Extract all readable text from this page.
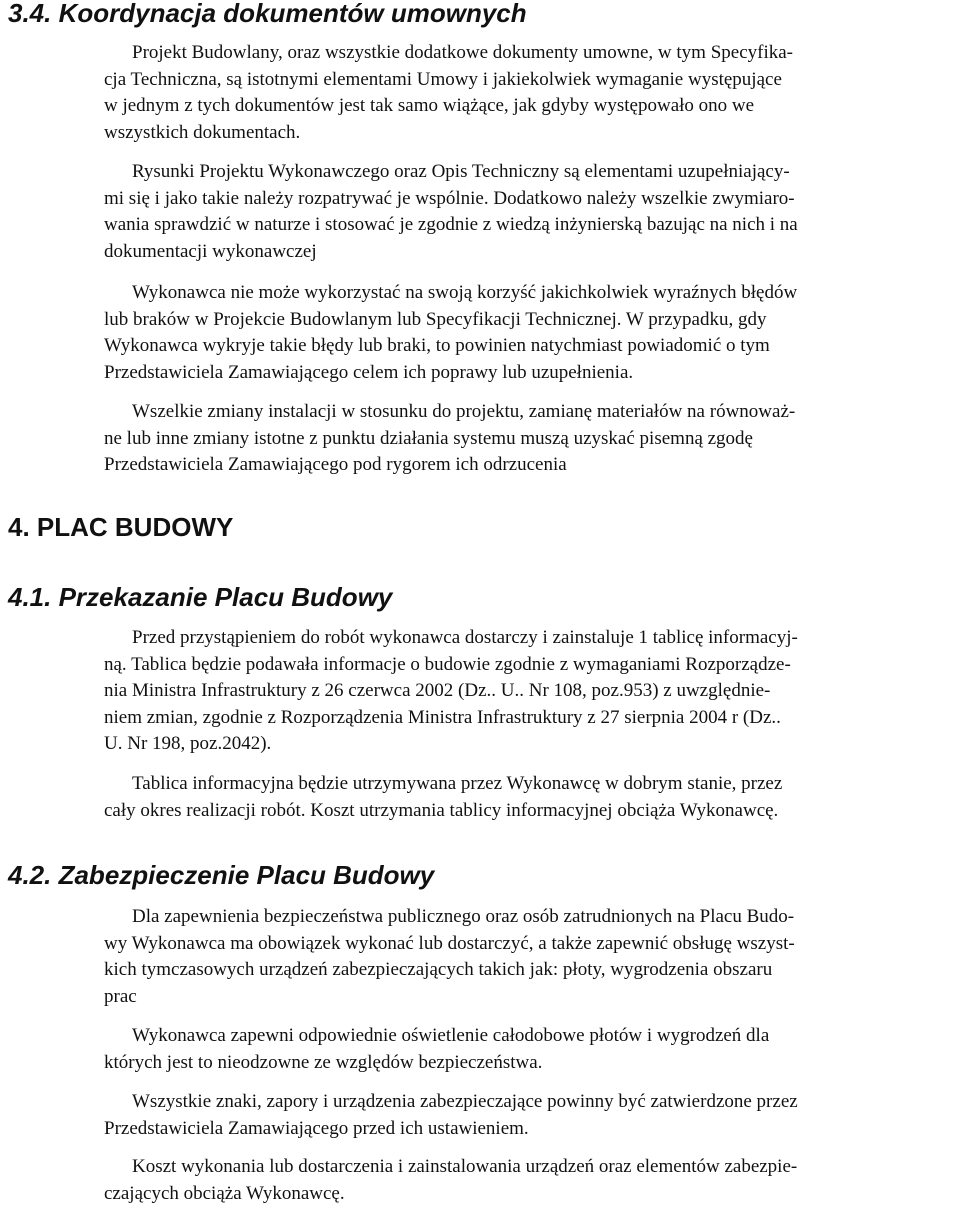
3.4. Koordynacja dokumentów umownych
Projekt Budowlany, oraz wszystkie dodatkowe dokumenty umowne, w tym Specyfika-
cja Techniczna, są istotnymi elementami Umowy i jakiekolwiek wymaganie występujące
w jednym z tych dokumentów jest tak samo wiążące, jak gdyby występowało ono we
wszystkich dokumentach.
Rysunki Projektu Wykonawczego oraz Opis Techniczny są elementami uzupełniający-
mi się i jako takie należy rozpatrywać je wspólnie. Dodatkowo należy wszelkie zwymiaro-
wania sprawdzić w naturze i stosować je zgodnie z wiedzą inżynierską bazując na nich i na
dokumentacji wykonawczej
Wykonawca nie może wykorzystać na swoją korzyść jakichkolwiek wyraźnych błędów
lub braków w Projekcie Budowlanym lub Specyfikacji Technicznej. W przypadku, gdy
Wykonawca wykryje takie błędy lub braki, to powinien natychmiast powiadomić o tym
Przedstawiciela Zamawiającego celem ich poprawy lub uzupełnienia.
Wszelkie zmiany instalacji w stosunku do projektu, zamianę materiałów na równoważ-
ne lub inne zmiany istotne z punktu działania systemu muszą uzyskać pisemną zgodę
Przedstawiciela Zamawiającego pod rygorem ich odrzucenia
4. PLAC BUDOWY
4.1. Przekazanie Placu Budowy
Przed przystąpieniem do robót wykonawca dostarczy i zainstaluje 1 tablicę informacyj-
ną. Tablica będzie podawała informacje o budowie zgodnie z wymaganiami Rozporządze-
nia Ministra Infrastruktury z 26 czerwca 2002 (Dz.. U.. Nr 108, poz.953) z uwzględnie-
niem zmian, zgodnie z Rozporządzenia Ministra Infrastruktury z 27 sierpnia 2004 r (Dz..
U. Nr 198, poz.2042).
Tablica informacyjna będzie utrzymywana przez Wykonawcę w dobrym stanie, przez
cały okres realizacji robót. Koszt utrzymania tablicy informacyjnej obciąża Wykonawcę.
4.2. Zabezpieczenie Placu Budowy
Dla zapewnienia bezpieczeństwa publicznego oraz osób zatrudnionych na Placu Budo-
wy Wykonawca ma obowiązek wykonać lub dostarczyć, a także zapewnić obsługę wszyst-
kich tymczasowych urządzeń zabezpieczających takich jak: płoty, wygrodzenia obszaru
prac
Wykonawca zapewni odpowiednie oświetlenie całodobowe płotów i wygrodzeń dla
których jest to nieodzowne ze względów bezpieczeństwa.
Wszystkie znaki, zapory i urządzenia zabezpieczające powinny być zatwierdzone przez
Przedstawiciela Zamawiającego przed ich ustawieniem.
Koszt wykonania lub dostarczenia i zainstalowania urządzeń oraz elementów zabezpie-
czających obciąża Wykonawcę.
